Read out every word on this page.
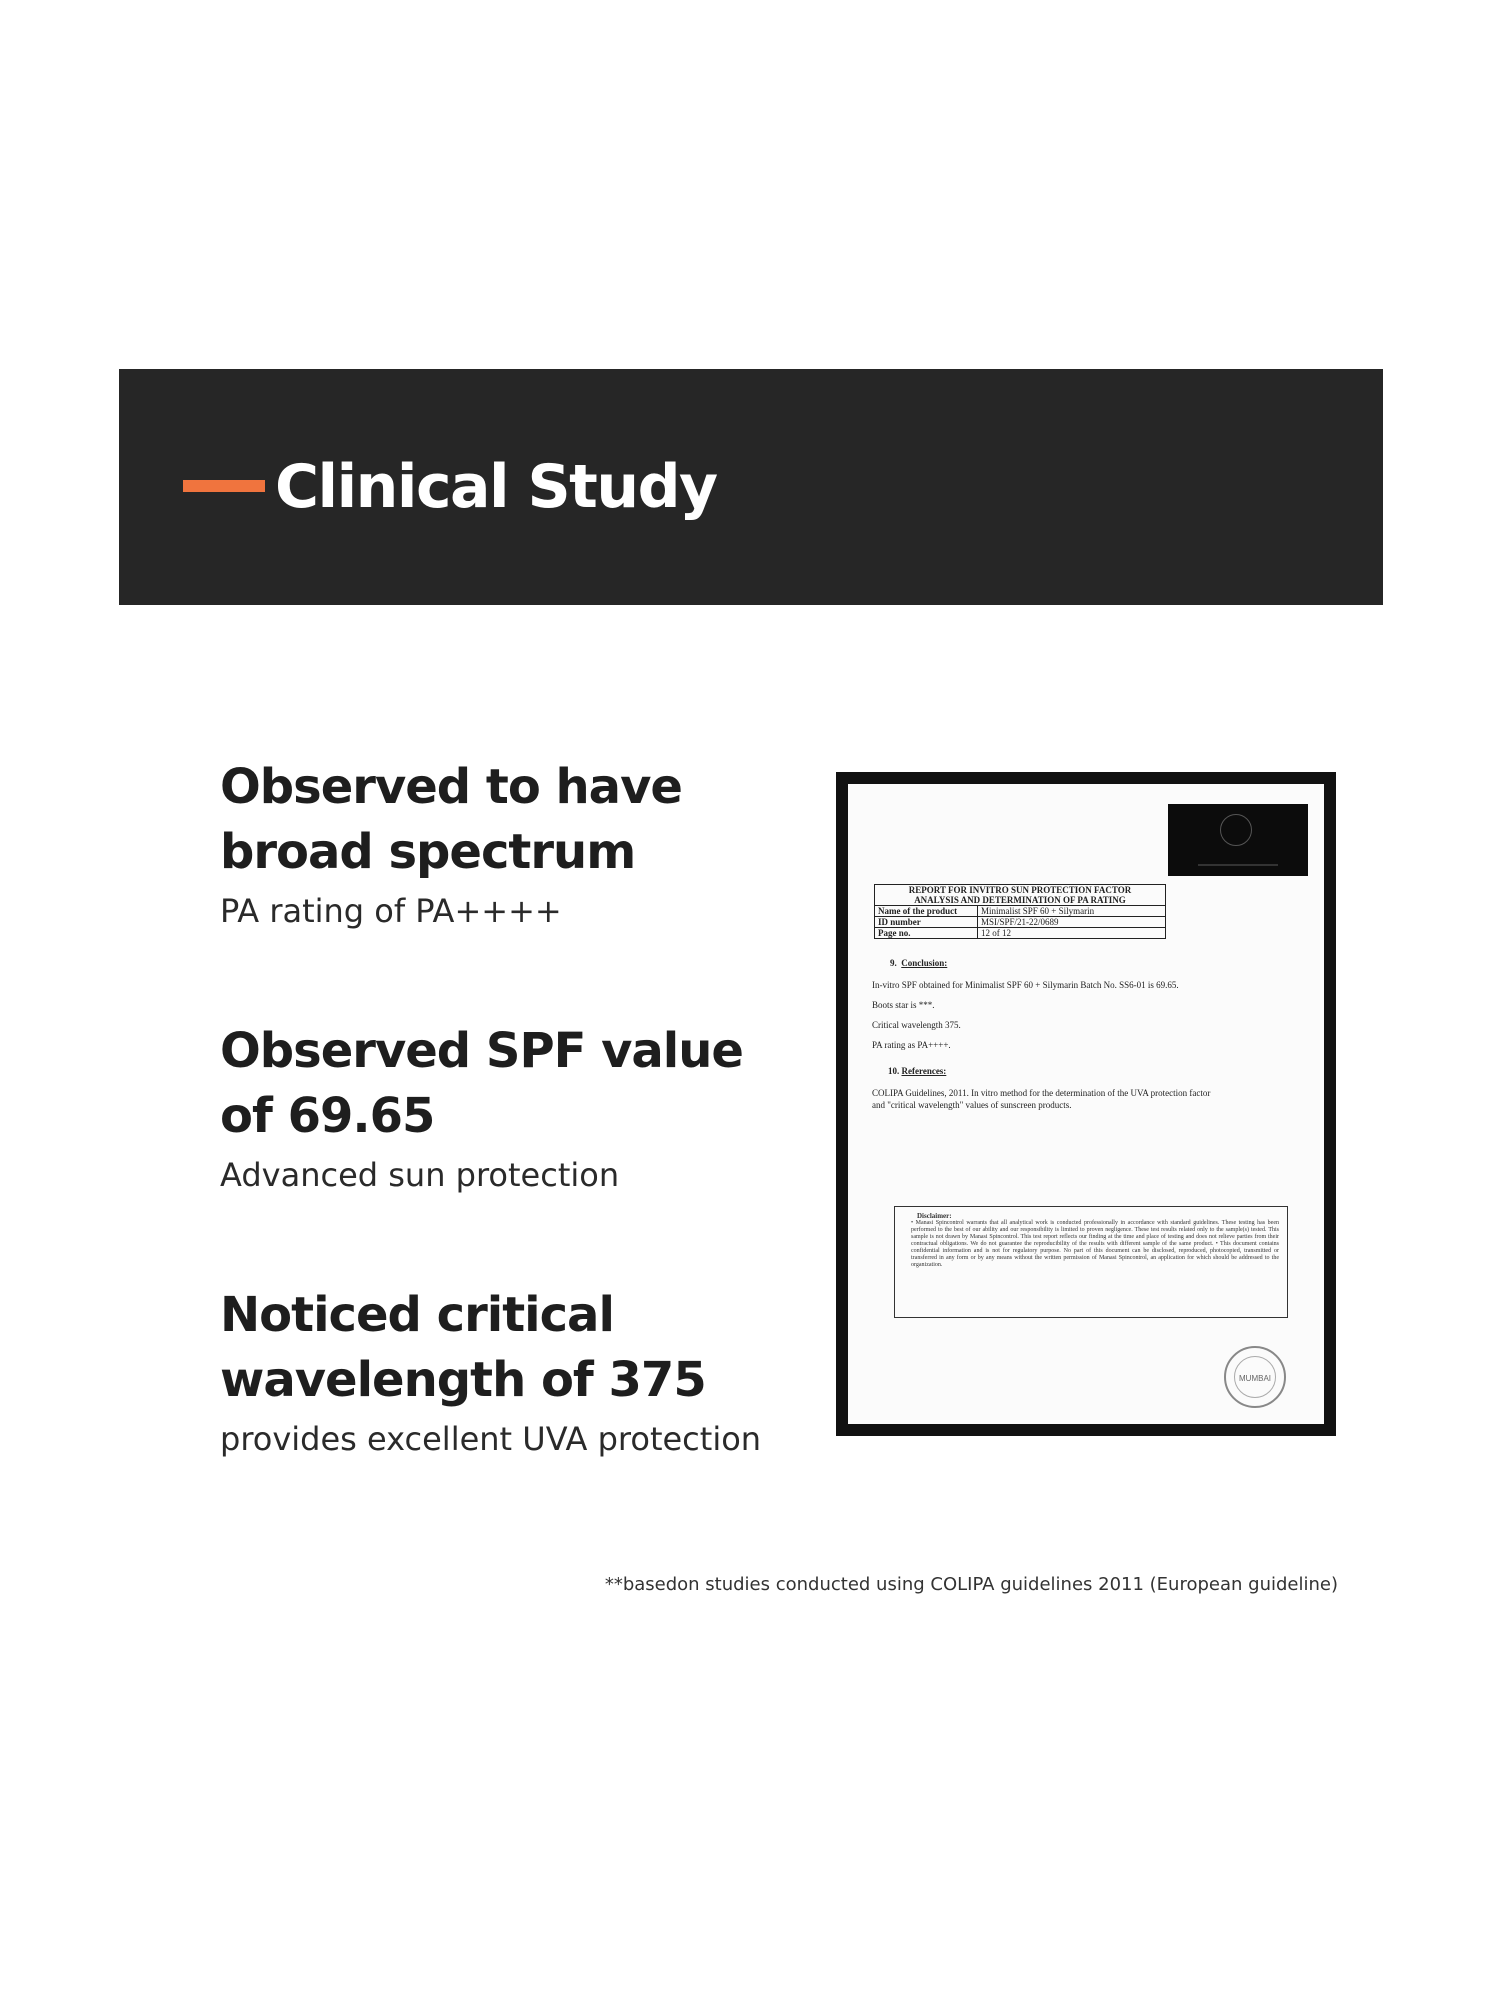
Clinical Study
Observed to have
broad spectrum
PA rating of PA++++
Observed SPF value
of 69.65
Advanced sun protection
Noticed critical
wavelength of 375
provides excellent UVA protection
REPORT FOR INVITRO SUN PROTECTION FACTOR
ANALYSIS AND DETERMINATION OF PA RATING	

Name of the product	Minimalist SPF 60 + Silymarin
ID number	MSI/SPF/21-22/0689
Page no.	12 of 12
9. Conclusion:
In-vitro SPF obtained for Minimalist SPF 60 + Silymarin Batch No. SS6-01 is 69.65.
Boots star is ***.
Critical wavelength 375.
PA rating as PA++++.
10. References:
COLIPA Guidelines, 2011. In vitro method for the determination of the UVA protection factor
and "critical wavelength" values of sunscreen products.
Disclaimer:
• Manasi Spincontrol warrants that all analytical work is conducted professionally in accordance with standard guidelines. These testing has been performed to the best of our ability and our responsibility is limited to proven negligence. These test results related only to the sample(s) tested. This sample is not drawn by Manasi Spincontrol. This test report reflects our finding at the time and place of testing and does not relieve parties from their contractual obligations. We do not guarantee the reproducibility of the results with different sample of the same product. • This document contains confidential information and is not for regulatory purpose. No part of this document can be disclosed, reproduced, photocopied, transmitted or transferred in any form or by any means without the written permission of Manasi Spincontrol, an application for which should be addressed to the organization.
MUMBAI
**basedon studies conducted using COLIPA guidelines 2011 (European guideline)
